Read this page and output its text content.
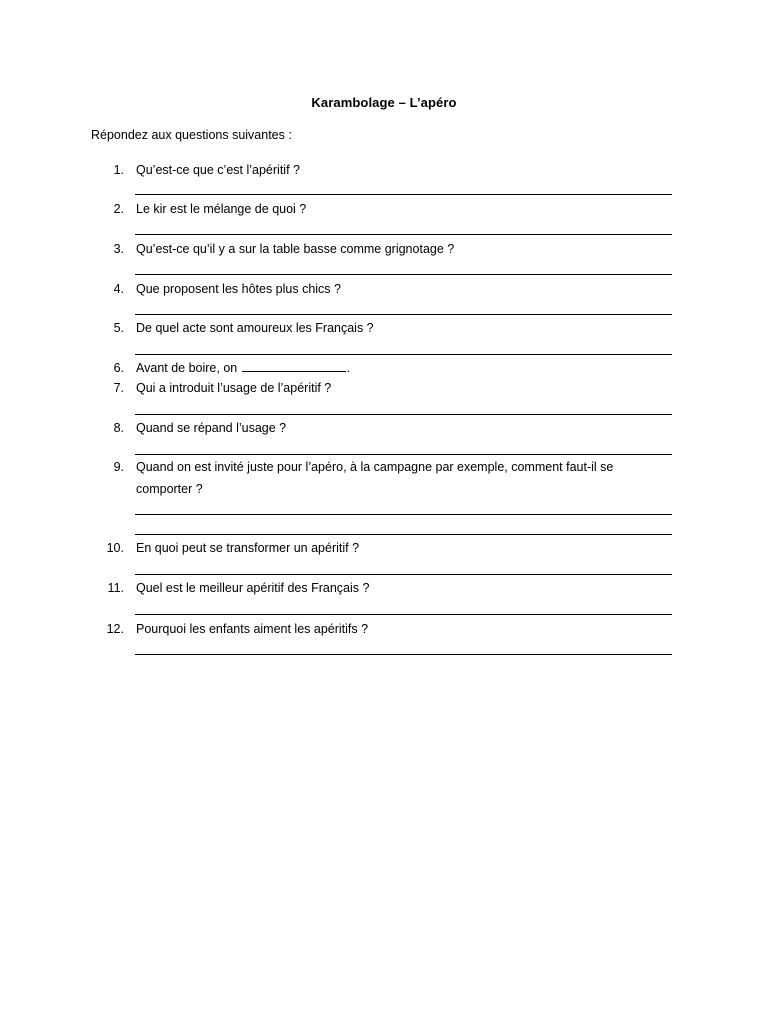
Karambolage – L’apéro
Répondez aux questions suivantes :
1. Qu’est-ce que c’est l’apéritif ?
2. Le kir est le mélange de quoi ?
3. Qu’est-ce qu’il y a sur la table basse comme grignotage ?
4. Que proposent les hôtes plus chics ?
5. De quel acte sont amoureux les Français ?
6. Avant de boire, on	.
7. Qui a introduit l’usage de l’apéritif ?
8. Quand se répand l’usage ?
9. Quand on est invité juste pour l’apéro, à la campagne par exemple, comment faut-il se
comporter ?
10. En quoi peut se transformer un apéritif ?
11. Quel est le meilleur apéritif des Français ?
12. Pourquoi les enfants aiment les apéritifs ?
